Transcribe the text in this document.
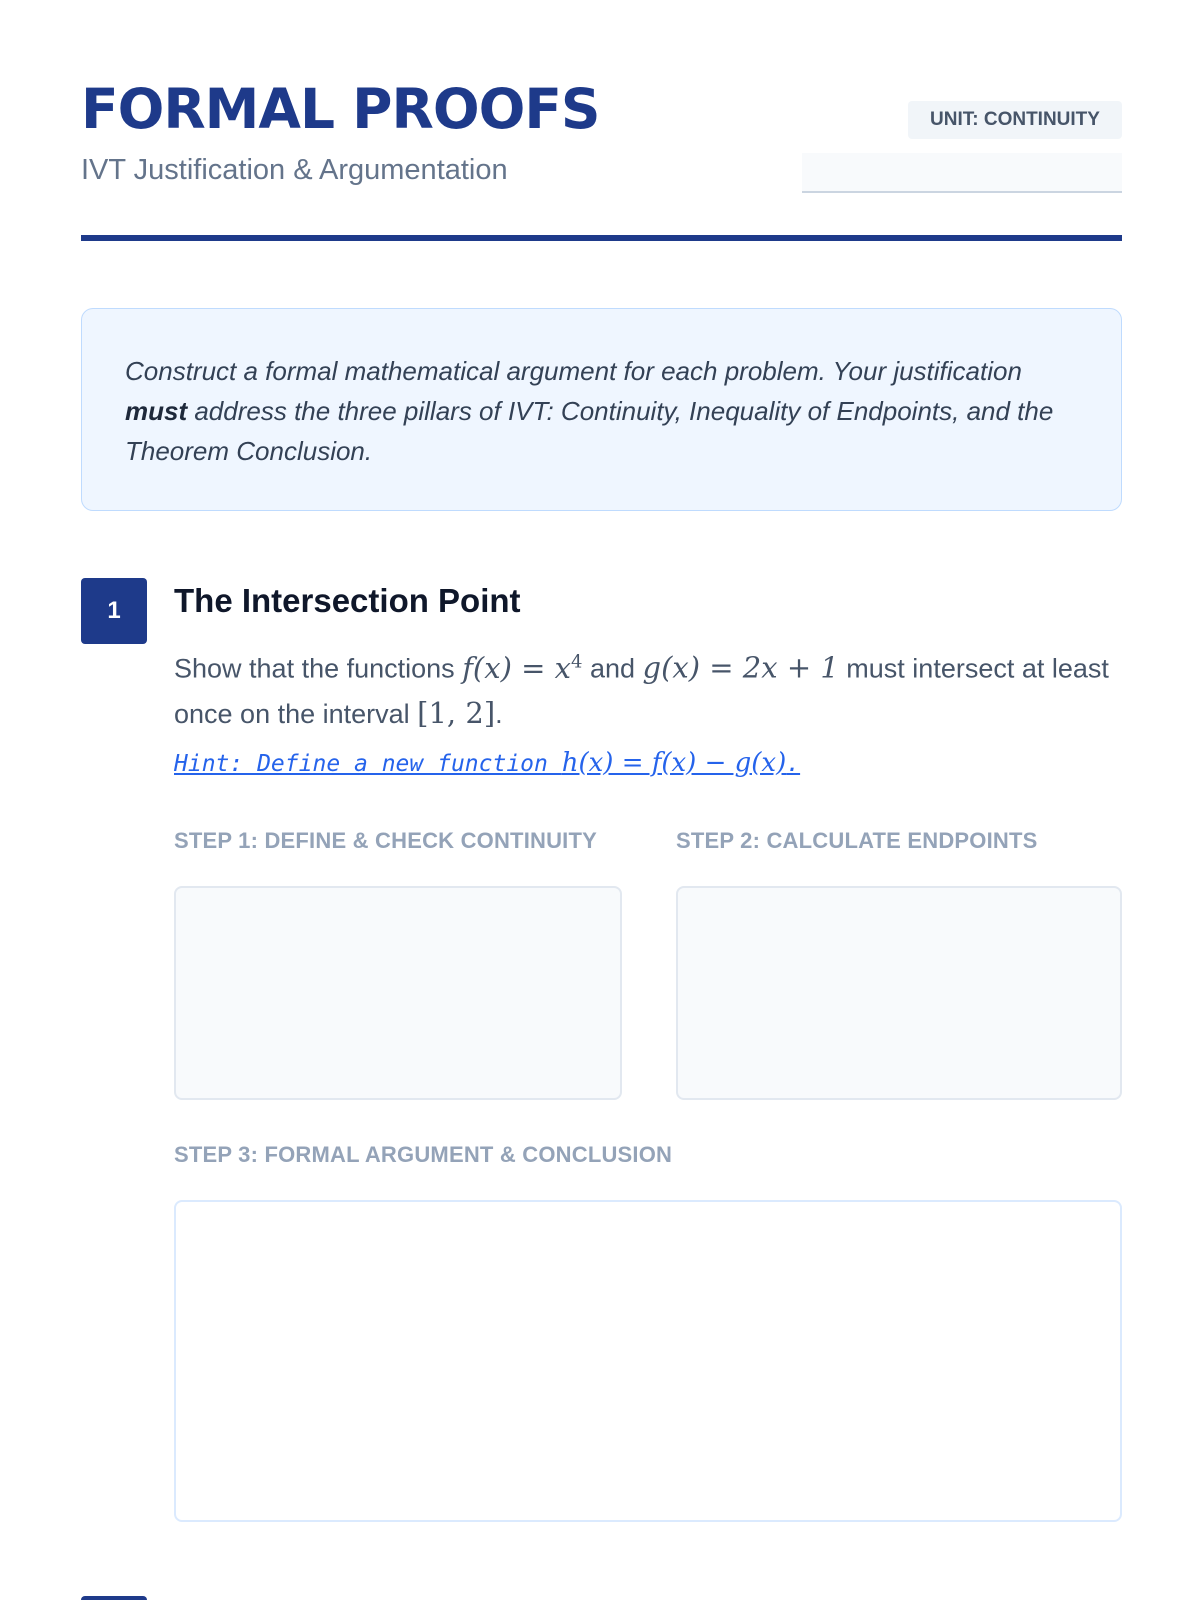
FORMAL PROOFS
IVT Justification & Argumentation
UNIT: CONTINUITY
Construct a formal mathematical argument for each problem. Your justification must address the three pillars of IVT: Continuity, Inequality of Endpoints, and the Theorem Conclusion.
1	The Intersection Point
Show that the functions $f(x) = x^4$ and g(x) = 2x + 1 must intersect at least once on the interval [1, 2].
Hint: Define a new function h(x) = f(x) − g(x).
STEP 1: DEFINE & CHECK CONTINUITY	STEP 2: CALCULATE ENDPOINTS
STEP 3: FORMAL ARGUMENT & CONCLUSION
